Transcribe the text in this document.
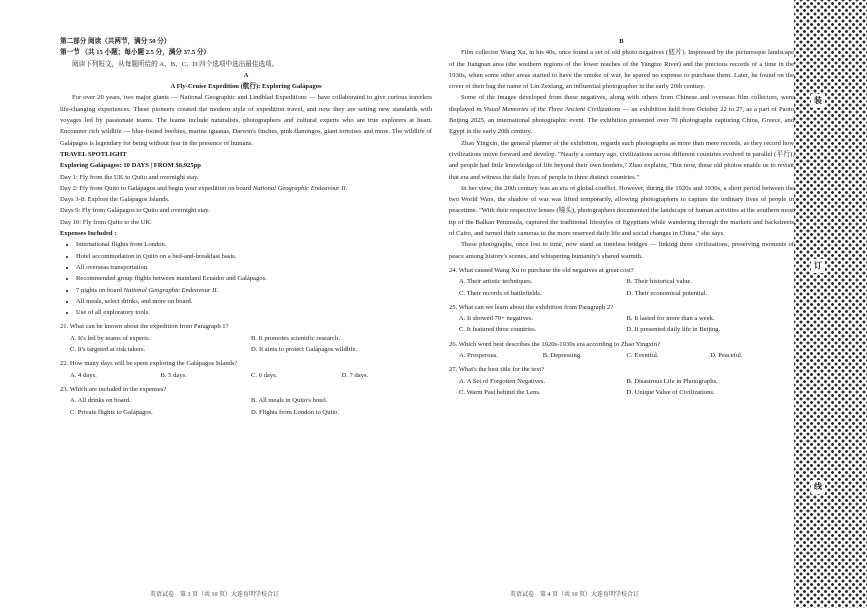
第二部分 阅读（共两节，满分 50 分）

第一节 （共 15 小题；每小题 2.5 分，满分 37.5 分）

阅读下列短文，从每题所给的 A、B、C、D 四个选项中选出最佳选项。

A

A Fly-Cruise Expedition (航行): Exploring Galápagos

For over 20 years, two major giants — National Geographic and Lindblad Expeditions — have collaborated to give curious travelers life-changing experiences. These pioneers created the modern style of expedition travel, and now they are setting new standards with voyages led by passionate teams. The teams include naturalists, photographers and cultural experts who are true explorers at heart. Encounter rich wildlife — blue-footed boobies, marine iguanas, Darwin's finches, pink flamingos, giant tortoises and more. The wildlife of Galápagos is legendary for being without fear in the presence of humans.

TRAVEL SPOTLIGHT

Exploring Galápagos: 10 DAYS | FROM $6,925pp

Day 1: Fly from the UK to Quito and overnight stay.

Day 2: Fly from Quito to Galápagos and begin your expedition on board National Geographic Endeavour II.

Days 3-8: Explore the Galápagos Islands.

Days 9: Fly from Galápagos to Quito and overnight stay.

Day 10: Fly from Quito to the UK.

Expenses Included :

• International flights from London.
• Hotel accommodation in Quito on a bed-and-breakfast basis.
• All overseas transportation.
• Recommended group flights between mainland Ecuador and Galápagos.
• 7 nights on board National Geographic Endeavour II.
• All meals, select drinks, and more on board.
• Use of all exploratory tools.

21. What can be known about the expedition from Paragraph 1?

A. It's led by teams of experts.	B. It promotes scientific research.
C. It's targeted at risk takers.	D. It aims to protect Galápagos wildlife.

22. How many days will be spent exploring the Galápagos Islands?

A. 4 days.	B. 5 days.	C. 6 days.	D. 7 days.

23. Which are included in the expenses?

A. All drinks on board.	B. All meals in Quito's hotel.
C. Private flights to Galápagos.	D. Flights from London to Quito.

B

Film collector Wang Xu, in his 40s, once found a set of old photo negatives (底片). Impressed by the picturesque landscape of the Jiangnan area (the southern regions of the lower reaches of the Yangtze River) and the precious records of a time in the 1930s, when some other areas started to have the smoke of war, he spared no expense to purchase them. Later, he found on the cover of their bag the name of Lin Zexiang, an influential photographer in the early 20th century.

Some of the images developed from these negatives, along with others from Chinese and overseas film collectors, were displayed in Visual Memories of the Three Ancient Civilizations — an exhibition held from October 22 to 27, as a part of Paoto Beijing 2025, an international photographic event. The exhibition presented over 70 photographs capturing China, Greece, and Egypt in the early 20th century.

Zhao Yingxin, the general planner of the exhibition, regards such photographs as more than mere records, as they record how civilizations move forward and develop. "Nearly a century ago, civilizations across different countries evolved in parallel (平行), and people had little knowledge of life beyond their own borders," Zhao explains, "But now, these old photos enable us to revisit that era and witness the daily lives of people in three distinct countries."

In her view, the 20th century was an era of global conflict. However, during the 1920s and 1930s, a short period between the two World Wars, the shadow of war was lifted temporarily, allowing photographers to capture the ordinary lives of people in peacetime. "With their respective lenses (镜头), photographers documented the landscape of human activities at the southern most tip of the Balkan Peninsula, captured the traditional lifestyles of Egyptians while wandering through the markets and backstreets of Cairo, and turned their cameras to the more reserved daily life and social changes in China," she says.

These photographs, once lost to time, now stand as timeless bridges — linking three civilizations, preserving moments of peace among history's scenes, and whispering humanity's shared warmth.

24. What caused Wang Xu to purchase the old negatives at great cost?

A. Their artistic techniques.	B. Their historical value.
C. Their records of battlefields.	D. Their economical potential.

25. What can we learn about the exhibition from Paragraph 2?

A. It showed 70+ negatives.	B. It lasted for more than a week.
C. It featured three countries.	D. It presented daily life in Beijing.

26. Which word best describes the 1920s-1930s era according to Zhao Yingxin?

A. Prosperous.	B. Depressing.	C. Eventful.	D. Peaceful.

27. What's the best title for the text?

A. A Set of Forgotten Negatives.	B. Disastrous Life in Photographs.
C. Warm Past behind the Lens.	D. Unique Value of Civilizations.
英语试卷　第 3 页（共 10 页）大连育明学校合订	英语试卷　第 4 页（共 10 页）大连育明学校合订
装
订
线
